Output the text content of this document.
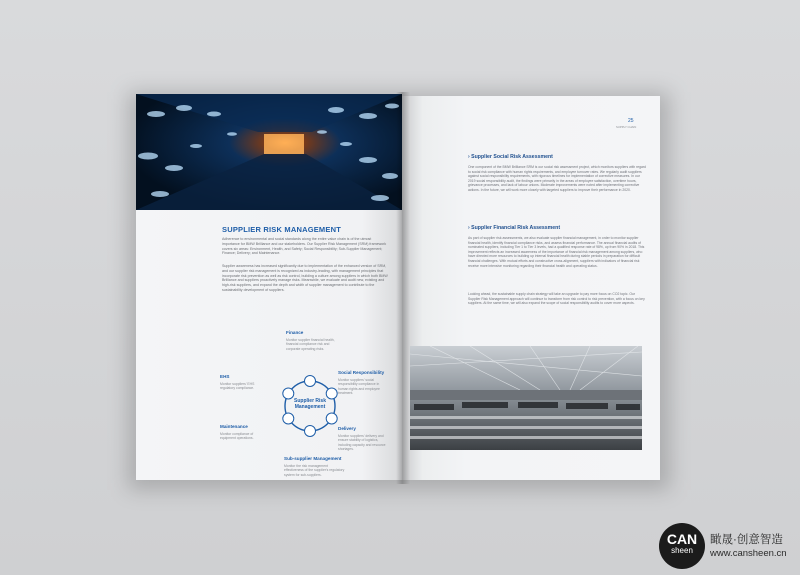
SUPPLIER RISK MANAGEMENT

Adherence to environmental and social standards along the entire value chain is of the utmost importance for BMW Brilliance and our stakeholders. Our Supplier Risk Management (SRM) framework covers six areas: Environment, Health, and Safety; Social Responsibility; Sub-Supplier Management; Finance; Delivery; and Maintenance.

Supplier awareness has increased significantly due to implementation of the enhanced version of SRM, and our supplier risk management is recognized as industry-leading, with management principles that incorporate risk prevention as well as risk control, building a culture among suppliers in which both BMW Brilliance and suppliers proactively manage risks. Meanwhile, we evaluate and audit new, existing and high-risk suppliers, and expand the depth and width of supplier management to contribute to the sustainability development of suppliers.

Supplier Risk Management
Finance
Monitor supplier financial health, financial compliance risk and corporate operating risks.
Social Responsibility
Monitor suppliers' social responsibility compliance in human rights and employee treatment.
Delivery
Monitor suppliers' delivery and ensure stability of logistics, including capacity and resource shortages.
Sub-supplier Management
Monitor the risk management effectiveness of the supplier's regulatory system for sub-suppliers.
Maintenance
Monitor compliance of equipment operations.
EHS
Monitor suppliers' EHS regulatory compliance.
25
SUPPLY CHAIN
› Supplier Social Risk Assessment

One component of the BMW Brilliance SRM is our social risk assessment project, which monitors suppliers with regard to social risk compliance with human rights requirements, and employee turnover rates. We regularly audit suppliers against social responsibility requirements, with rigorous timelines for implementation of corrective measures. In our 2019 social responsibility audit, the findings were primarily in the areas of employee satisfaction, overtime hours, grievance processes, and lack of labour unions. Moderate improvements were noted after implementing corrective actions. In the future, we will work more closely with targeted suppliers to improve their performance in 2020.

› Supplier Financial Risk Assessment

As part of supplier risk assessments, we also evaluate supplier financial management, in order to monitor supplier financial health, identify financial compliance risks, and assess financial performance. The annual financial audits of nominated suppliers, including Tier 1 to Tier 3 levels, had a qualified response rate of 98%, up from 90% in 2018. This improvement reflects an increased awareness of the importance of financial risk management among suppliers, who have directed more resources to building up internal financial health during stable periods in preparation for difficult financial challenges. With mutual efforts and constructive cross-alignment, suppliers with indicators of financial risk receive more intensive monitoring regarding their financial health and operating status.

Looking ahead, the sustainable supply chain strategy will take an upgrade to pay more focus on CO2 topic. Our Supplier Risk Management approach will continue to transform from risk control to risk prevention, with a focus on key suppliers. At the same time, we will also expand the scope of social responsibility audits to cover more aspects.

CAN
sheen
瞰晟·创意智造
www.cansheen.cn
